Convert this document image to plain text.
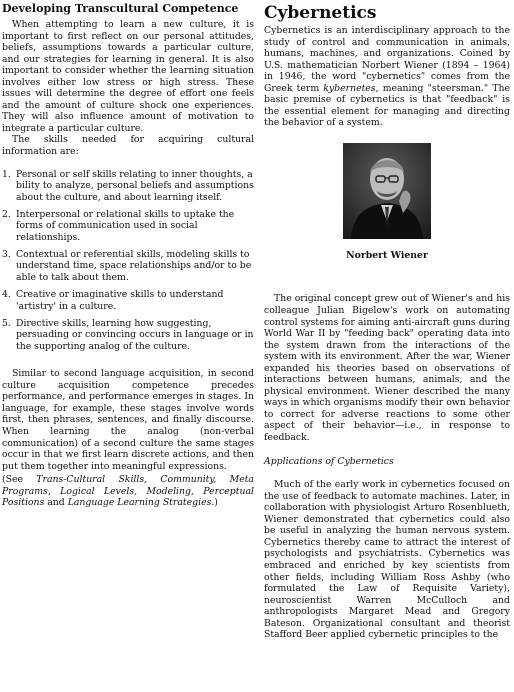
Developing Transcultural Competence

When attempting to learn a new culture, it is important to first reflect on our personal attitudes, beliefs, assumptions towards a particular culture, and our strategies for learning in general. It is also important to consider whether the learning situation involves either low stress or high stress. These issues will determine the degree of effort one feels and the amount of culture shock one experiences. They will also influence amount of motivation to integrate a particular culture.

The skills needed for acquiring cultural information are:

1. Personal or self skills relating to inner thoughts, a bility to analyze, personal beliefs and assumptions about the culture, and about learning itself.
2. Interpersonal or relational skills to uptake the forms of communication used in social relationships.
3. Contextual or referential skills, modeling skills to understand time, space relationships and/or to be able to talk about them.
4. Creative or imaginative skills to understand 'artistry' in a culture.
5. Directive skills, learning how suggesting, persuading or convincing occurs in language or in the supporting analog of the culture.

Similar to second language acquisition, in second culture acquisition competence precedes performance, and performance emerges in stages. In language, for example, these stages involve words first, then phrases, sentences, and finally discourse. When learning the analog (non-verbal communication) of a second culture the same stages occur in that we first learn discrete actions, and then put them together into meaningful expressions.

(See Trans-Cultural Skills, Community, Meta Programs, Logical Levels, Modeling, Perceptual Positions and Language Learning Strategies.)

Cybernetics

Cybernetics is an interdisciplinary approach to the study of control and communication in animals, humans, machines, and organizations. Coined by U.S. mathematician Norbert Wiener (1894 – 1964) in 1946, the word "cybernetics" comes from the Greek term kybernetes, meaning "steersman." The basic premise of cybernetics is that "feedback" is the essential element for managing and directing the behavior of a system.

Norbert Wiener

The original concept grew out of Wiener's and his colleague Julian Bigelow's work on automating control systems for aiming anti-aircraft guns during World War II by "feeding back" operating data into the system drawn from the interactions of the system with its environment. After the war, Wiener expanded his theories based on observations of interactions between humans, animals, and the physical environment. Wiener described the many ways in which organisms modify their own behavior to correct for adverse reactions to some other aspect of their behavior—i.e., in response to feedback.

Applications of Cybernetics

Much of the early work in cybernetics focused on the use of feedback to automate machines. Later, in collaboration with physiologist Arturo Rosenblueth, Wiener demonstrated that cybernetics could also be useful in analyzing the human nervous system. Cybernetics thereby came to attract the interest of psychologists and psychiatrists. Cybernetics was embraced and enriched by key scientists from other fields, including William Ross Ashby (who formulated the Law of Requisite Variety), neuroscientist Warren McCulloch and anthropologists Margaret Mead and Gregory Bateson. Organizational consultant and theorist Stafford Beer applied cybernetic principles to the
